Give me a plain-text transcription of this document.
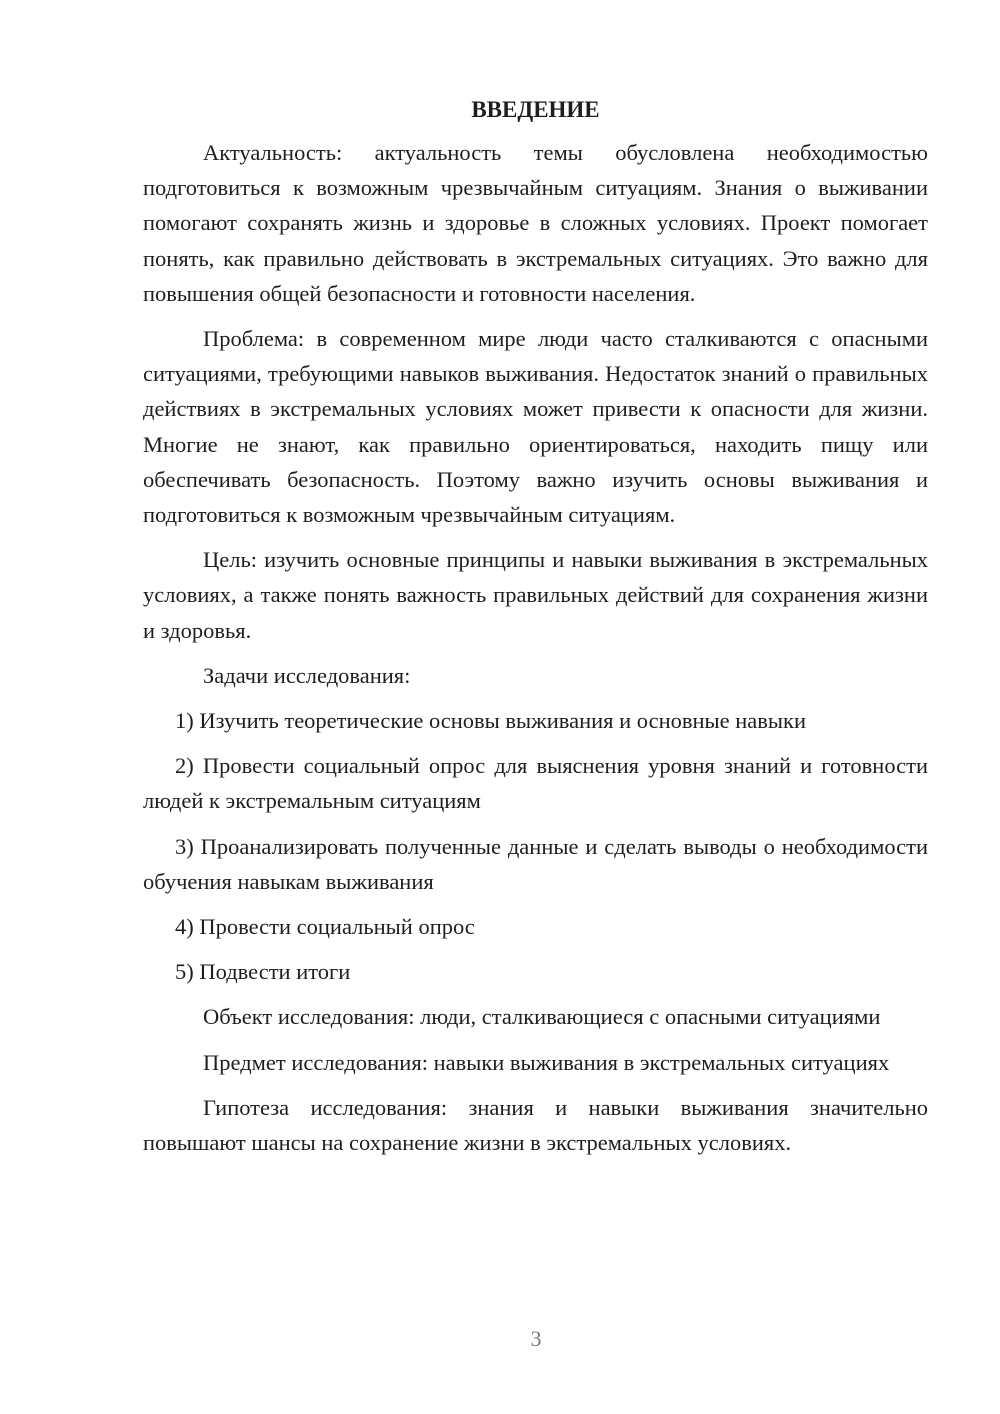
ВВЕДЕНИЕ

Актуальность: актуальность темы обусловлена необходимостью подготовиться к возможным чрезвычайным ситуациям. Знания о выживании помогают сохранять жизнь и здоровье в сложных условиях. Проект помогает понять, как правильно действовать в экстремальных ситуациях. Это важно для повышения общей безопасности и готовности населения.

Проблема: в современном мире люди часто сталкиваются с опасными ситуациями, требующими навыков выживания. Недостаток знаний о правильных действиях в экстремальных условиях может привести к опасности для жизни. Многие не знают, как правильно ориентироваться, находить пищу или обеспечивать безопасность. Поэтому важно изучить основы выживания и подготовиться к возможным чрезвычайным ситуациям.

Цель: изучить основные принципы и навыки выживания в экстремальных условиях, а также понять важность правильных действий для сохранения жизни и здоровья.

Задачи исследования:

1) Изучить теоретические основы выживания и основные навыки

2) Провести социальный опрос для выяснения уровня знаний и готовности людей к экстремальным ситуациям

3) Проанализировать полученные данные и сделать выводы о необходимости обучения навыкам выживания

4) Провести социальный опрос

5) Подвести итоги

Объект исследования: люди, сталкивающиеся с опасными ситуациями

Предмет исследования: навыки выживания в экстремальных ситуациях

Гипотеза исследования: знания и навыки выживания значительно повышают шансы на сохранение жизни в экстремальных условиях.

3
